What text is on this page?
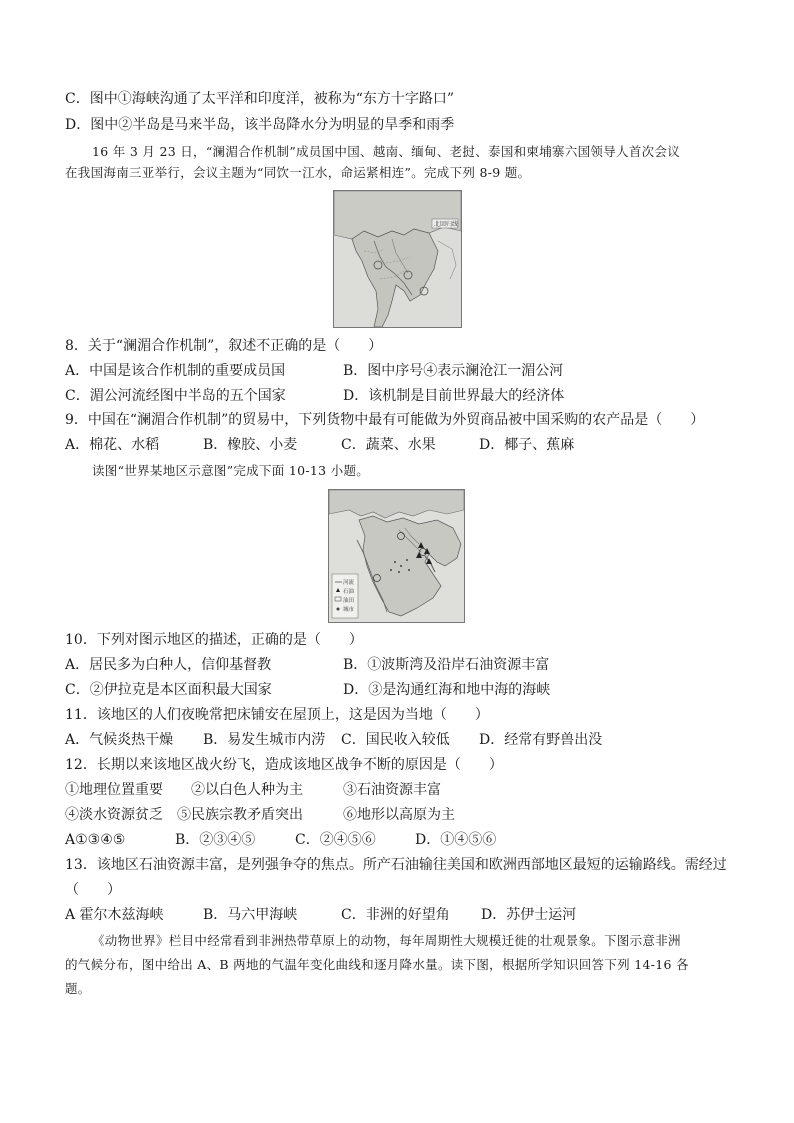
C．图中①海峡沟通了太平洋和印度洋，被称为“东方十字路口”
D．图中②半岛是马来半岛，该半岛降水分为明显的旱季和雨季
16 年 3 月 23 日，“澜湄合作机制”成员国中国、越南、缅甸、老挝、泰国和柬埔寨六国领导人首次会议
在我国海南三亚举行，会议主题为“同饮一江水，命运紧相连”。完成下列 8-9 题。
北回归线
8．关于“澜湄合作机制”，叙述不正确的是（　　）
A．中国是该合作机制的重要成员国	B．图中序号④表示澜沧江一湄公河
C．湄公河流经图中半岛的五个国家	D．该机制是目前世界最大的经济体
9．中国在“澜湄合作机制”的贸易中，下列货物中最有可能做为外贸商品被中国采购的农产品是（　　）
A．棉花、水稻	B．橡胶、小麦	C．蔬菜、水果	D．椰子、蕉麻
读图“世界某地区示意图”完成下面 10-13 小题。
河流
石油
油田
城市
10．下列对图示地区的描述，正确的是（　　）
A．居民多为白种人，信仰基督教	B．①波斯湾及沿岸石油资源丰富
C．②伊拉克是本区面积最大国家	D．③是沟通红海和地中海的海峡
11．该地区的人们夜晚常把床铺安在屋顶上，这是因为当地（　　）
A．气候炎热干燥	B．易发生城市内涝	C．国民收入较低	D．经常有野兽出没
12．长期以来该地区战火纷飞，造成该地区战争不断的原因是（　　）
①地理位置重要	②以白色人种为主	③石油资源丰富
④淡水资源贫乏	⑤民族宗教矛盾突出	⑥地形以高原为主
A①③④⑤	B．②③④⑤	C．②④⑤⑥	D．①④⑤⑥
13．该地区石油资源丰富，是列强争夺的焦点。所产石油输往美国和欧洲西部地区最短的运输路线。需经过
（　　）
A 霍尔木兹海峡	B．马六甲海峡	C．非洲的好望角	D．苏伊士运河
《动物世界》栏目中经常看到非洲热带草原上的动物，每年周期性大规模迁徙的壮观景象。下图示意非洲
的气候分布，图中给出 A、B 两地的气温年变化曲线和逐月降水量。读下图，根据所学知识回答下列 14-16 各
题。
